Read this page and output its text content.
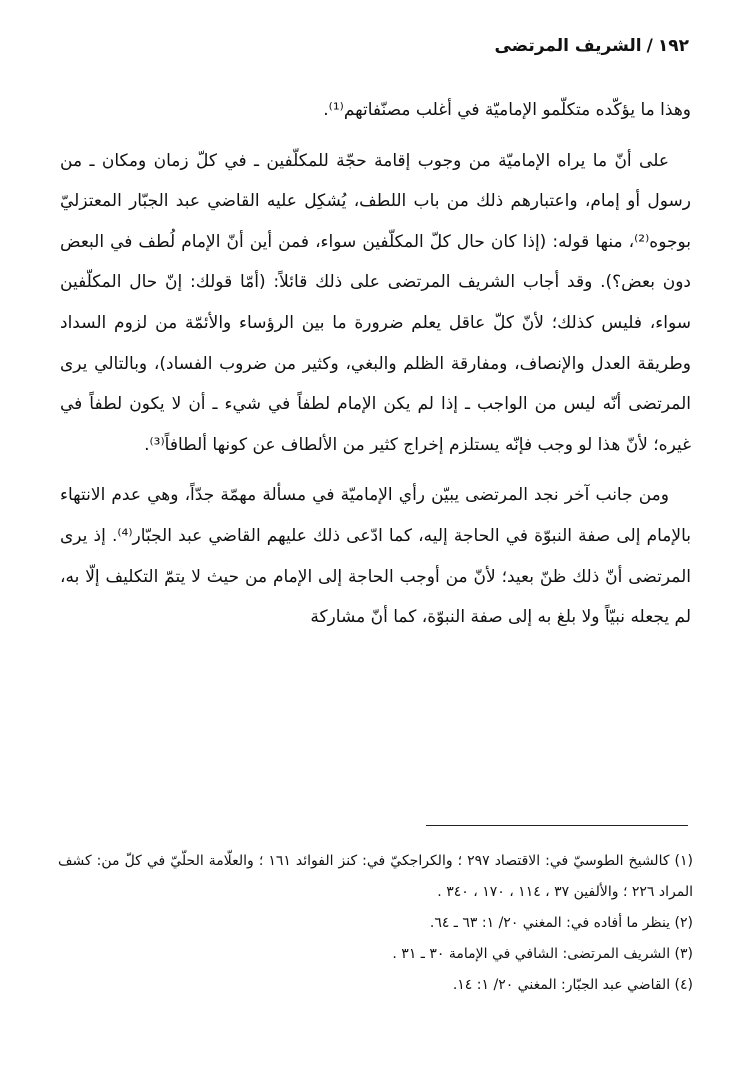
١٩٢/الشريف المرتضى

وهذا ما يؤكّده متكلّمو الإماميّة في أغلب مصنّفاتهم⁽¹⁾.

على أنّ ما يراه الإماميّة من وجوب إقامة حجّة للمكلّفين ـ في كلّ زمان ومكان ـ من رسول أو إمام، واعتبارهم ذلك من باب اللطف، يُشكِل عليه القاضي عبد الجبّار المعتزليّ بوجوه⁽²⁾، منها قوله: (إذا كان حال كلّ المكلّفين سواء، فمن أين أنّ الإمام لُطف في البعض دون بعض؟). وقد أجاب الشريف المرتضى على ذلك قائلاً: (أمّا قولك: إنّ حال المكلّفين سواء، فليس كذلك؛ لأنّ كلّ عاقل يعلم ضرورة ما بين الرؤساء والأئمّة من لزوم السداد وطريقة العدل والإنصاف، ومفارقة الظلم والبغي، وكثير من ضروب الفساد)، وبالتالي يرى المرتضى أنّه ليس من الواجب ـ إذا لم يكن الإمام لطفاً في شيء ـ أن لا يكون لطفاً في غيره؛ لأنّ هذا لو وجب فإنّه يستلزم إخراج كثير من الألطاف عن كونها ألطافاً⁽³⁾.

ومن جانب آخر نجد المرتضى يبيّن رأي الإماميّة في مسألة مهمّة جدّاً، وهي عدم الانتهاء بالإمام إلى صفة النبوّة في الحاجة إليه، كما ادّعى ذلك عليهم القاضي عبد الجبّار⁽⁴⁾. إذ يرى المرتضى أنّ ذلك ظنّ بعيد؛ لأنّ من أوجب الحاجة إلى الإمام من حيث لا يتمّ التكليف إلّا به، لم يجعله نبيّاً ولا بلغ به إلى صفة النبوّة، كما أنّ مشاركة

(١) كالشيخ الطوسيّ في: الاقتصاد ٢٩٧ ؛ والكراجكيّ في: كنز الفوائد ١٦١ ؛ والعلّامة الحلّيّ في كلّ من: كشف المراد ٢٢٦ ؛ والألفين ٣٧ ، ١١٤ ، ١٧٠ ، ٣٤٠ .

(٢) ينظر ما أفاده في: المغني ٢٠/ ١: ٦٣ ـ ٦٤.

(٣) الشريف المرتضى: الشافي في الإمامة ٣٠ ـ ٣١ .

(٤) القاضي عبد الجبّار: المغني ٢٠/ ١: ١٤.
